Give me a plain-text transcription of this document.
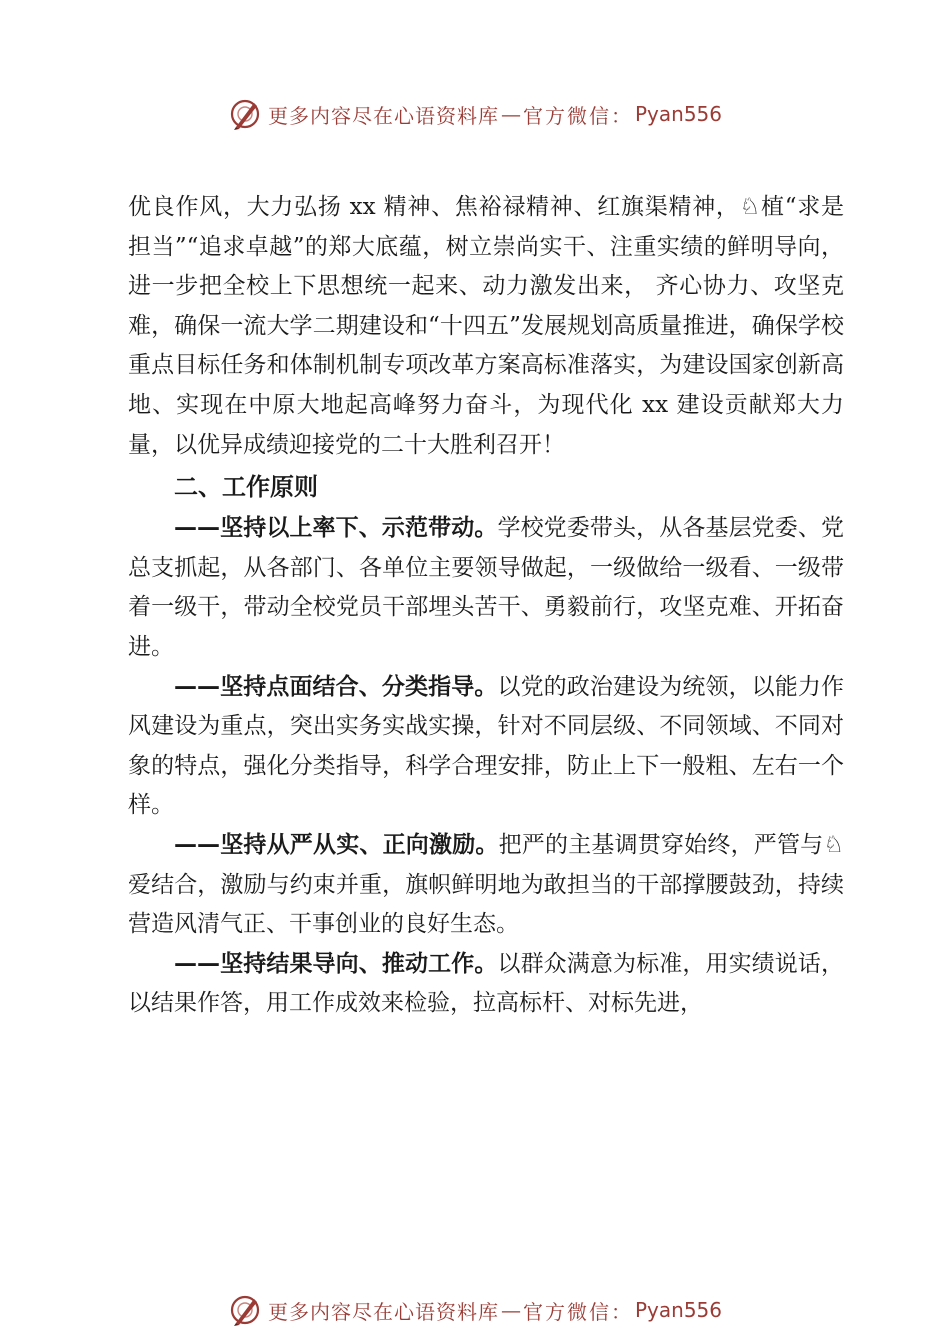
更多内容尽在心语资料库 — 官方微信： Pyan556

优良作风，大力弘扬 xx 精神、焦裕禄精神、红旗渠精神，♘植“求是担当”“追求卓越”的郑大底蕴，树立崇尚实干、注重实绩的鲜明导向，进一步把全校上下思想统一起来、动力激发出来， 齐心协力、攻坚克难，确保一流大学二期建设和“十四五”发展规划高质量推进，确保学校重点目标任务和体制机制专项改革方案高标准落实，为建设国家创新高地、实现在中原大地起高峰努力奋斗，为现代化 xx 建设贡献郑大力量，以优异成绩迎接党的二十大胜利召开！

二、工作原则

——坚持以上率下、示范带动。学校党委带头，从各基层党委、党总支抓起，从各部门、各单位主要领导做起，一级做给一级看、一级带着一级干，带动全校党员干部埋头苦干、勇毅前行，攻坚克难、开拓奋进。

——坚持点面结合、分类指导。以党的政治建设为统领，以能力作风建设为重点，突出实务实战实操，针对不同层级、不同领域、不同对象的特点，强化分类指导，科学合理安排，防止上下一般粗、左右一个样。

——坚持从严从实、正向激励。把严的主基调贯穿始终，严管与♘爱结合，激励与约束并重，旗帜鲜明地为敢担当的干部撑腰鼓劲，持续营造风清气正、干事创业的良好生态。

——坚持结果导向、推动工作。以群众满意为标准，用实绩说话，以结果作答，用工作成效来检验，拉高标杆、对标先进，

更多内容尽在心语资料库 — 官方微信： Pyan556
